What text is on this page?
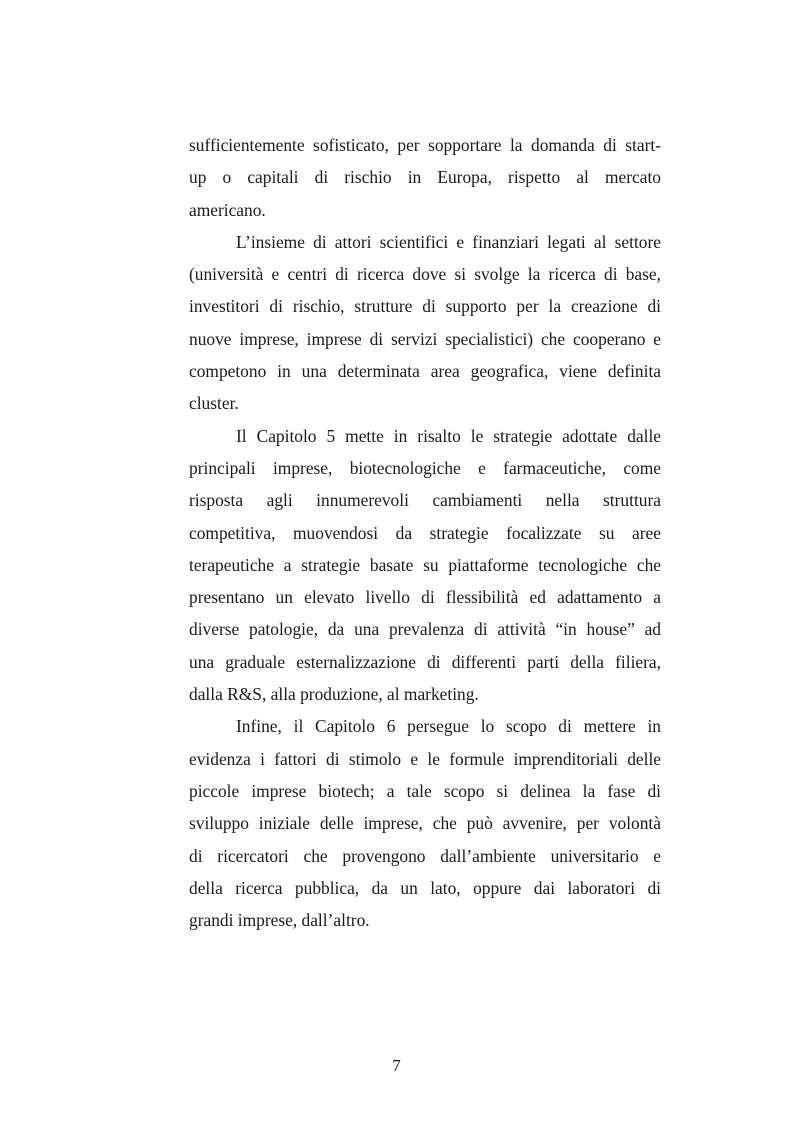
sufficientemente sofisticato, per sopportare la domanda di start-
up o capitali di rischio in Europa, rispetto al mercato
americano.
L’insieme di attori scientifici e finanziari legati al settore
(università e centri di ricerca dove si svolge la ricerca di base,
investitori di rischio, strutture di supporto per la creazione di
nuove imprese, imprese di servizi specialistici) che cooperano e
competono in una determinata area geografica, viene definita
cluster.
Il Capitolo 5 mette in risalto le strategie adottate dalle
principali imprese, biotecnologiche e farmaceutiche, come
risposta agli innumerevoli cambiamenti nella struttura
competitiva, muovendosi da strategie focalizzate su aree
terapeutiche a strategie basate su piattaforme tecnologiche che
presentano un elevato livello di flessibilità ed adattamento a
diverse patologie, da una prevalenza di attività “in house” ad
una graduale esternalizzazione di differenti parti della filiera,
dalla R&S, alla produzione, al marketing.
Infine, il Capitolo 6 persegue lo scopo di mettere in
evidenza i fattori di stimolo e le formule imprenditoriali delle
piccole imprese biotech; a tale scopo si delinea la fase di
sviluppo iniziale delle imprese, che può avvenire, per volontà
di ricercatori che provengono dall’ambiente universitario e
della ricerca pubblica, da un lato, oppure dai laboratori di
grandi imprese, dall’altro.
7
